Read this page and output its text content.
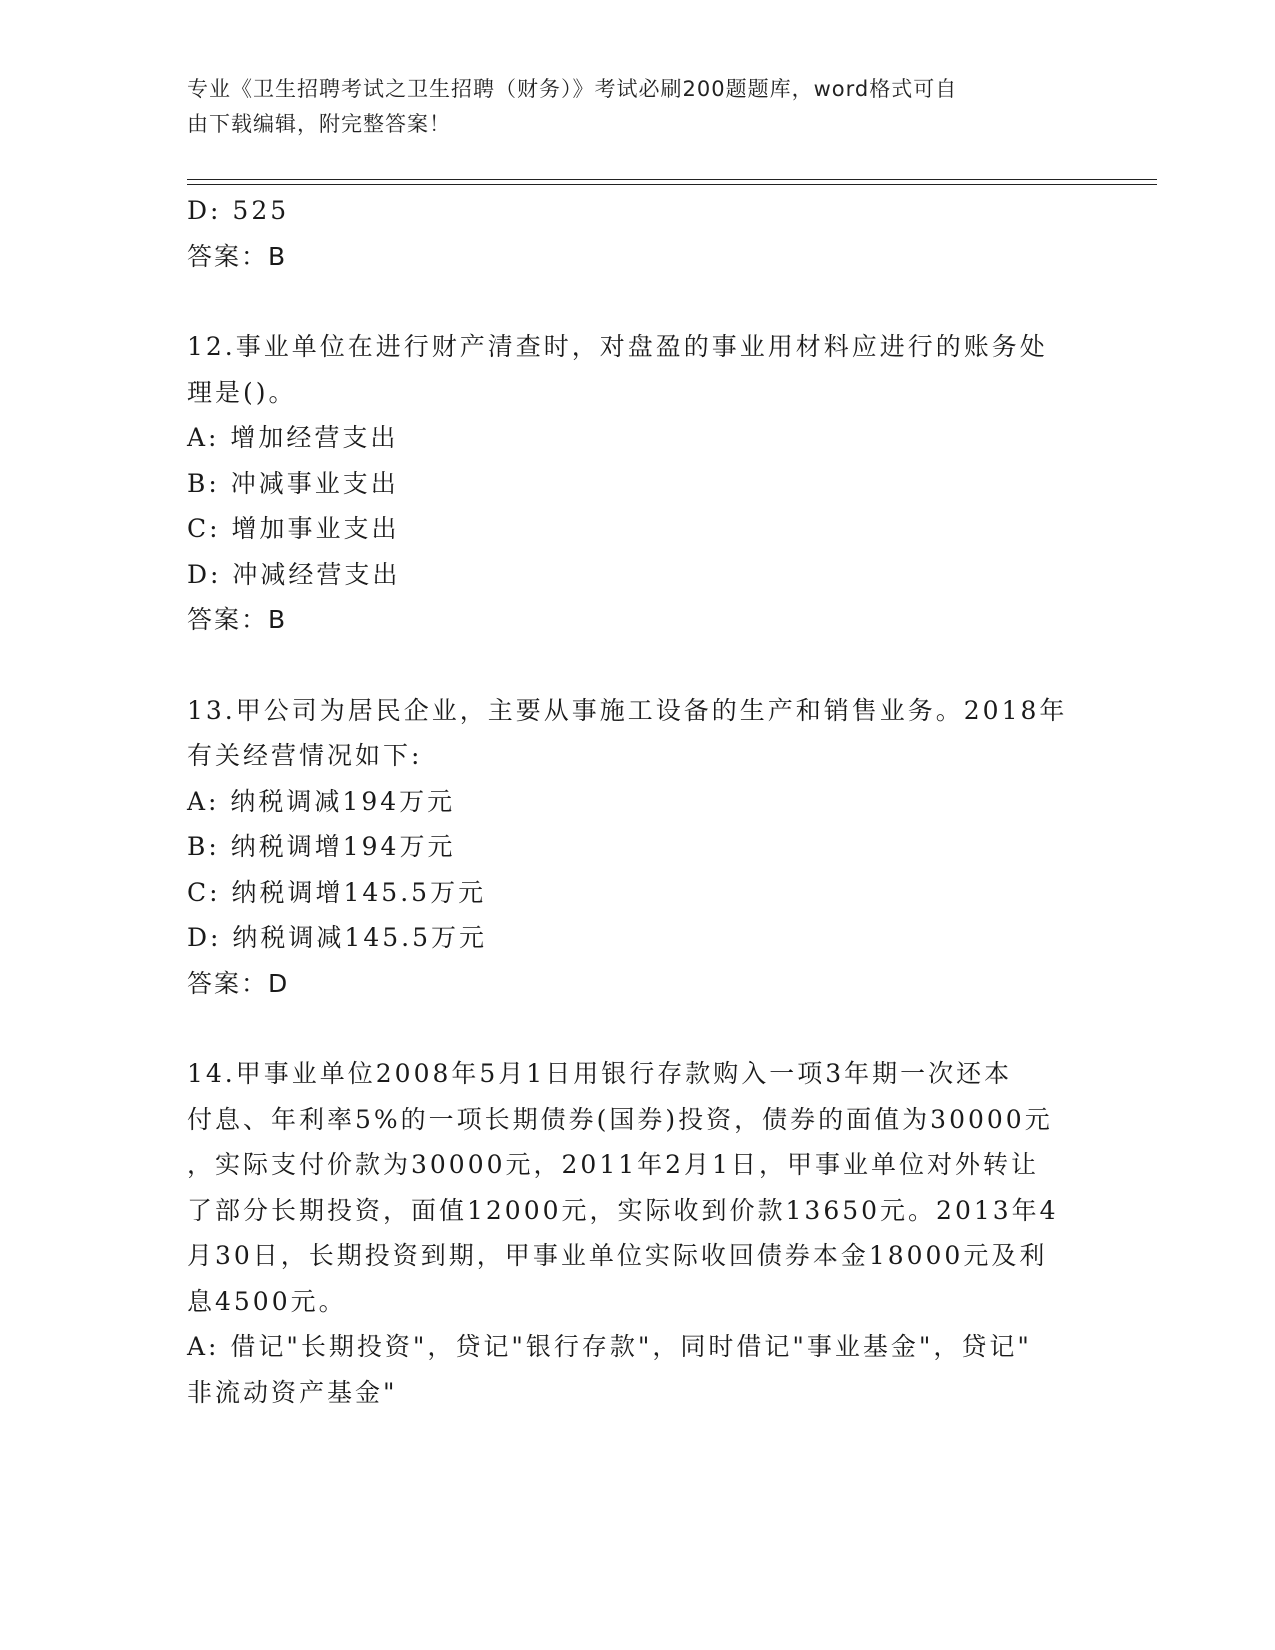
专业《卫生招聘考试之卫生招聘（财务）》考试必刷200题题库，word格式可自
由下载编辑，附完整答案！
D: 525
答案：B
12.事业单位在进行财产清查时，对盘盈的事业用材料应进行的账务处
理是()。
A: 增加经营支出
B: 冲减事业支出
C: 增加事业支出
D: 冲减经营支出
答案：B
13.甲公司为居民企业，主要从事施工设备的生产和销售业务。2018年
有关经营情况如下:
A: 纳税调减194万元
B: 纳税调增194万元
C: 纳税调增145.5万元
D: 纳税调减145.5万元
答案：D
14.甲事业单位2008年5月1日用银行存款购入一项3年期一次还本
付息、年利率5%的一项长期债券(国券)投资，债券的面值为30000元
，实际支付价款为30000元，2011年2月1日，甲事业单位对外转让
了部分长期投资，面值12000元，实际收到价款13650元。2013年4
月30日，长期投资到期，甲事业单位实际收回债券本金18000元及利
息4500元。
A: 借记"长期投资"，贷记"银行存款"，同时借记"事业基金"，贷记"
非流动资产基金"
